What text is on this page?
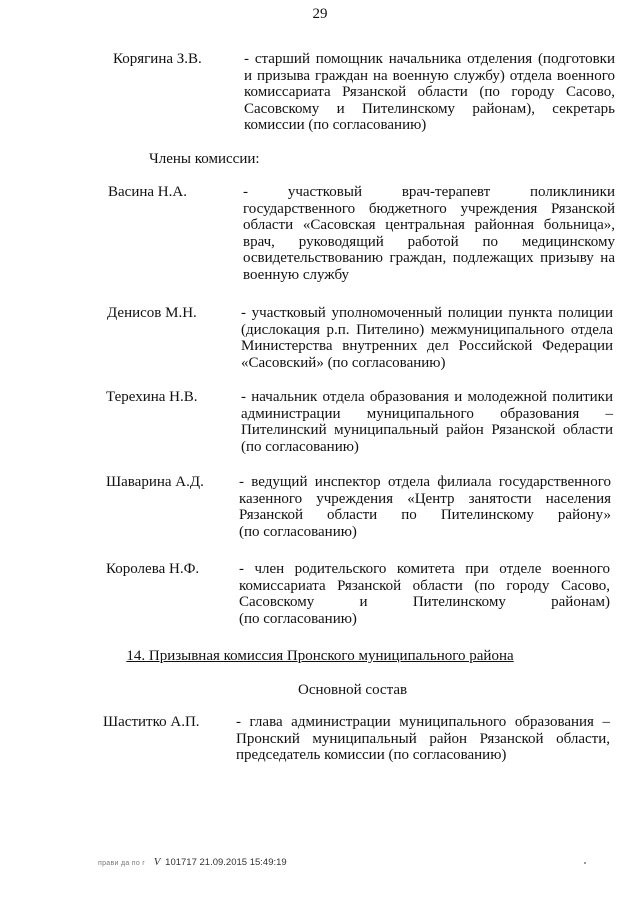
29
Корягина З.В.	- старший помощник начальника отделения (подготовки
и призыва граждан на военную службу) отдела военного
комиссариата Рязанской области (по городу Сасово,
Сасовскому и Пителинскому районам), секретарь
комиссии (по согласованию)
Члены комиссии:
Васина Н.А.	- участковый врач-терапевт поликлиники
государственного бюджетного учреждения Рязанской
области «Сасовская центральная районная больница»,
врач, руководящий работой по медицинскому
освидетельствованию граждан, подлежащих призыву на
военную службу
Денисов М.Н.	- участковый уполномоченный полиции пункта полиции
(дислокация р.п. Пителино) межмуниципального отдела
Министерства внутренних дел Российской Федерации
«Сасовский» (по согласованию)
Терехина Н.В.	- начальник отдела образования и молодежной политики
администрации муниципального образования –
Пителинский муниципальный район Рязанской области
(по согласованию)
Шаварина А.Д. - ведущий инспектор отдела филиала государственного
казенного учреждения «Центр занятости населения
Рязанской области по Пителинскому району»
(по согласованию)
Королева Н.Ф.	- член родительского комитета при отделе военного
комиссариата Рязанской области (по городу Сасово,
Сасовскому и Пителинскому районам)
(по согласованию)
14. Призывная комиссия Пронского муниципального района
Основной состав
Шаститко А.П. - глава администрации муниципального образования –
Пронский муниципальный район Рязанской области,
председатель комиссии (по согласованию)
прави да по г V 101717 21.09.2015 15:49:19
